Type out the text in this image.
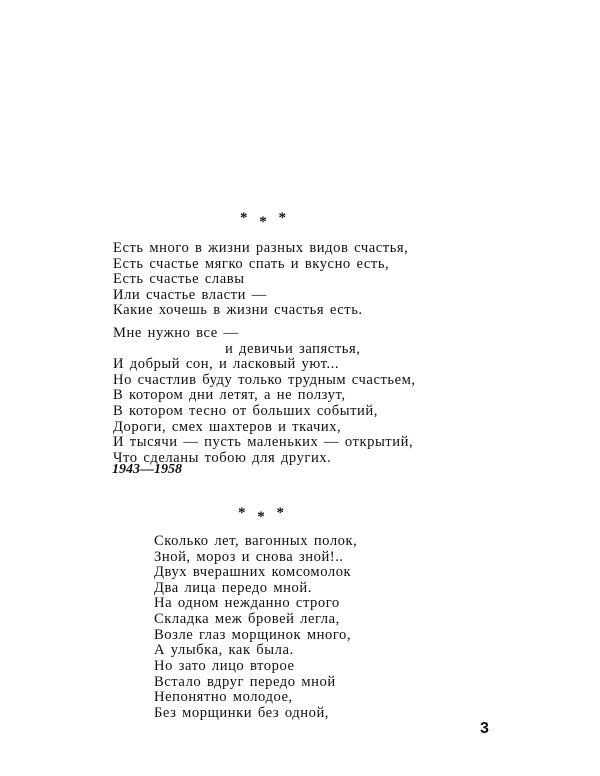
* * *
Есть много в жизни разных видов счастья,
Есть счастье мягко спать и вкусно есть,
Есть счастье славы
Или счастье власти —
Какие хочешь в жизни счастья есть.
Мне нужно все —
и девичьи запястья,
И добрый сон, и ласковый уют...
Но счастлив буду только трудным счастьем,
В котором дни летят, а не ползут,
В котором тесно от больших событий,
Дороги, смех шахтеров и ткачих,
И тысячи — пусть маленьких — открытий,
Что сделаны тобою для других.
1943—1958
* * *
Сколько лет, вагонных полок,
Зной, мороз и снова зной!..
Двух вчерашних комсомолок
Два лица передо мной.
На одном нежданно строго
Складка меж бровей легла,
Возле глаз морщинок много,
А улыбка, как была.
Но зато лицо второе
Встало вдруг передо мной
Непонятно молодое,
Без морщинки без одной,
3
